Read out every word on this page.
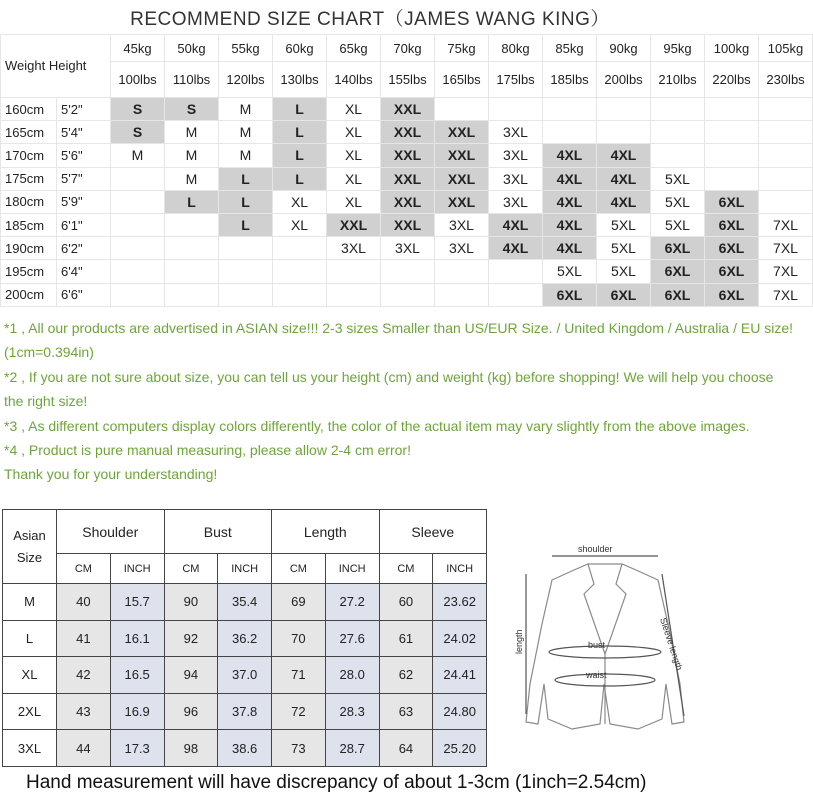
RECOMMEND SIZE CHART（JAMES WANG KING）
Weight Height		45kg	50kg	55kg	60kg	65kg	70kg	75kg	80kg	85kg	90kg	95kg	100kg	105kg
		100lbs	110lbs	120lbs	130lbs	140lbs	155lbs	165lbs	175lbs	185lbs	200lbs	210lbs	220lbs	230lbs
160cm	5'2"	S	S	M	L	XL	XXL							
165cm	5'4"	S	M	M	L	XL	XXL	XXL	3XL					
170cm	5'6"	M	M	M	L	XL	XXL	XXL	3XL	4XL	4XL			
175cm	5'7"		M	L	L	XL	XXL	XXL	3XL	4XL	4XL	5XL		
180cm	5'9"		L	L	XL	XL	XXL	XXL	3XL	4XL	4XL	5XL	6XL	
185cm	6'1"			L	XL	XXL	XXL	3XL	4XL	4XL	5XL	5XL	6XL	7XL
190cm	6'2"					3XL	3XL	3XL	4XL	4XL	5XL	6XL	6XL	7XL
195cm	6'4"									5XL	5XL	6XL	6XL	7XL
200cm	6'6"									6XL	6XL	6XL	6XL	7XL

*1 , All our products are advertised in ASIAN size!!! 2-3 sizes Smaller than US/EUR Size. / United Kingdom / Australia / EU size! (1cm=0.394in)

*2 , If you are not sure about size, you can tell us your height (cm) and weight (kg) before shopping! We will help you choose the right size!

*3 , As different computers display colors differently, the color of the actual item may vary slightly from the above images.

*4 , Product is pure manual measuring, please allow 2-4 cm error!

Thank you for your understanding!

Asian Size	Shoulder		Bust		Length		Sleeve	
	CM	INCH	CM	INCH	CM	INCH	CM	INCH
M	40	15.7	90	35.4	69	27.2	60	23.62
L	41	16.1	92	36.2	70	27.6	61	24.02
XL	42	16.5	94	37.0	71	28.0	62	24.41
2XL	43	16.9	96	37.8	72	28.3	63	24.80
3XL	44	17.3	98	38.6	73	28.7	64	25.20
shoulder
length	bust
waist
Sleeve length
Hand measurement will have discrepancy of about 1-3cm (1inch=2.54cm)
